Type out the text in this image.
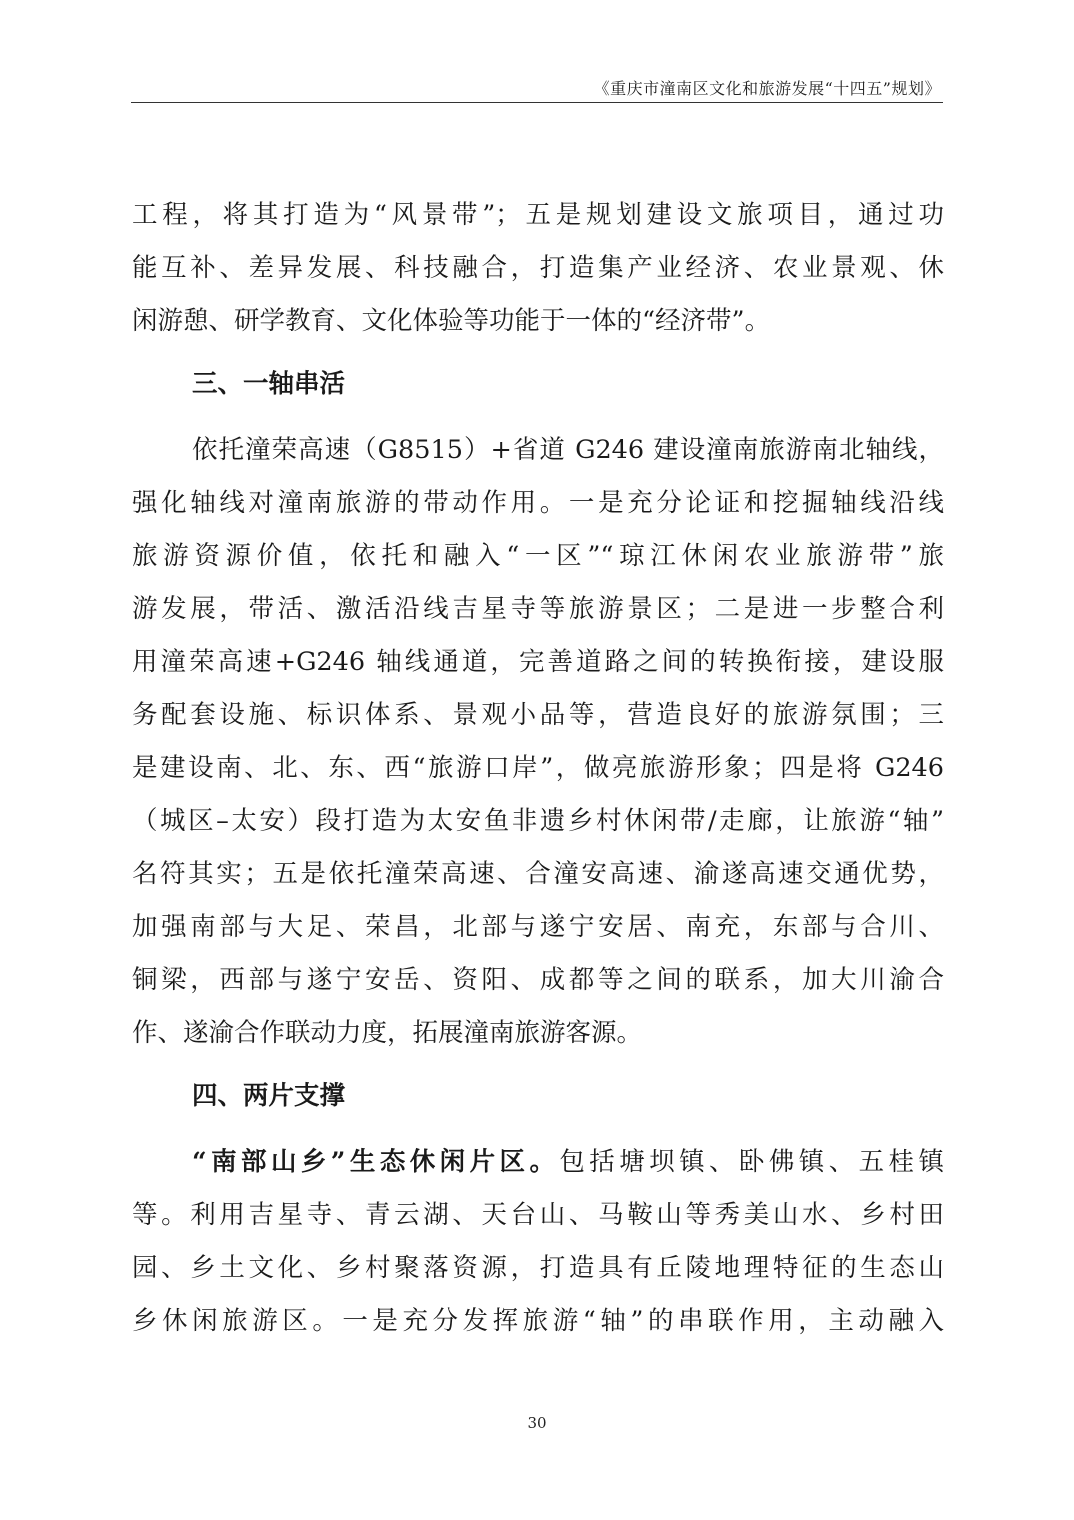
《重庆市潼南区文化和旅游发展“十四五”规划》
工程，将其打造为“风景带”；五是规划建设文旅项目，通过功
能互补、差异发展、科技融合，打造集产业经济、农业景观、休
闲游憩、研学教育、文化体验等功能于一体的“经济带”。
三、一轴串活
依托潼荣高速（G8515）+省道 G246 建设潼南旅游南北轴线，
强化轴线对潼南旅游的带动作用。一是充分论证和挖掘轴线沿线
旅游资源价值，依托和融入“一区”“琼江休闲农业旅游带”旅
游发展，带活、激活沿线吉星寺等旅游景区；二是进一步整合利
用潼荣高速+G246 轴线通道，完善道路之间的转换衔接，建设服
务配套设施、标识体系、景观小品等，营造良好的旅游氛围；三
是建设南、北、东、西“旅游口岸”，做亮旅游形象；四是将 G246
（城区–太安）段打造为太安鱼非遗乡村休闲带/走廊，让旅游“轴”
名符其实；五是依托潼荣高速、合潼安高速、渝遂高速交通优势，
加强南部与大足、荣昌，北部与遂宁安居、南充，东部与合川、
铜梁，西部与遂宁安岳、资阳、成都等之间的联系，加大川渝合
作、遂渝合作联动力度，拓展潼南旅游客源。
四、两片支撑
“南部山乡”生态休闲片区。包括塘坝镇、卧佛镇、五桂镇
等。利用吉星寺、青云湖、天台山、马鞍山等秀美山水、乡村田
园、乡土文化、乡村聚落资源，打造具有丘陵地理特征的生态山
乡休闲旅游区。一是充分发挥旅游“轴”的串联作用，主动融入
30
